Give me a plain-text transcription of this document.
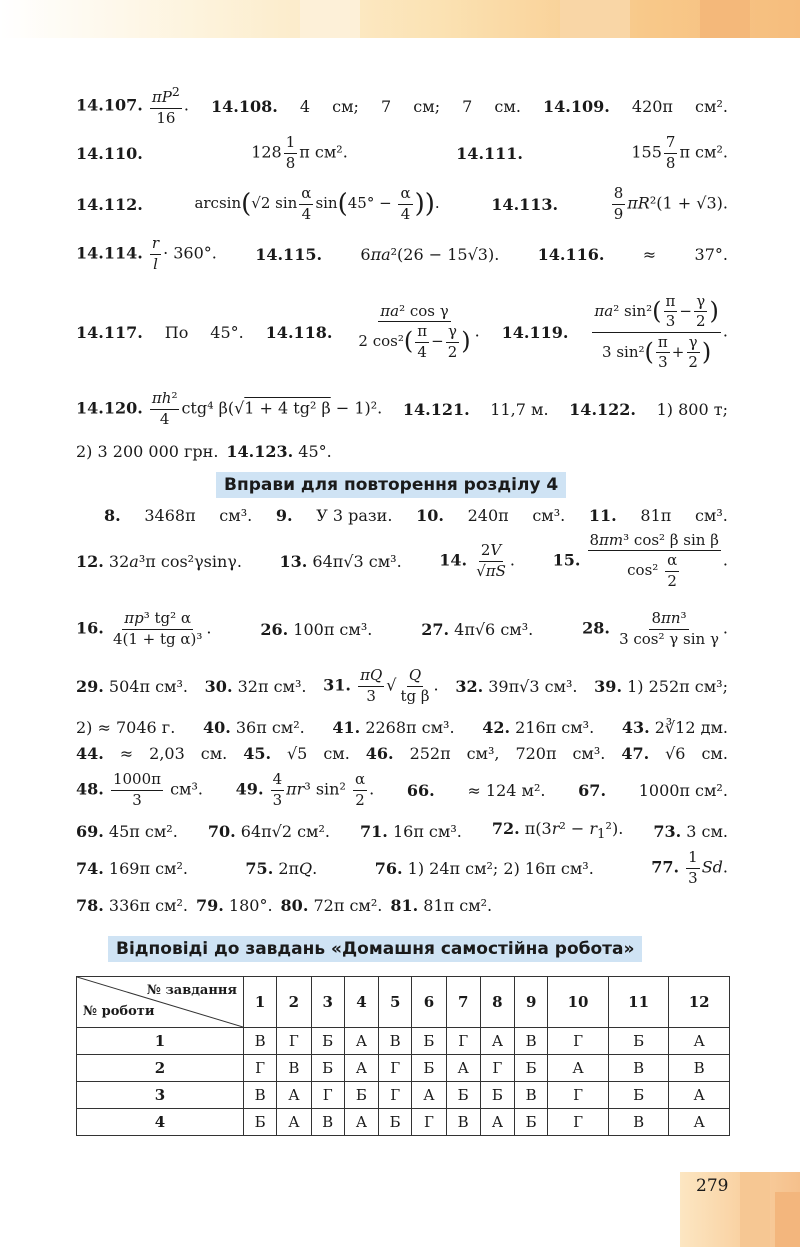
279
14.107. $\frac{\pi P^2}{16}$ . 14.108. 4 см; 7 см; 7 см. 14.109. 420π см².
14.110.	$128 \frac{1}{8}$ π см².	14.111.	$155 \frac{7}{8}$ π см².
14.112.	arcsin(√2 $\sin \frac{\alpha}{4} \sin(45^\circ - \frac{\alpha}{4}$ )).	14.113.	$\frac{8}{9} \pi R^2(1 + √3)$.
14.114. $\frac{r}{l} \cdot 360^\circ$. 14.115. 6πa²(26 − 15√3). 14.116. ≈ 37°.
14.117. По 45°. 14.118. $\frac{\text{πa² cos γ}}{2 \cos^2( \frac{\pi}{4} - \frac{\gamma}{2} )}$ . 14.119. $\frac{\pi a^2 \sin^2( \frac{\pi}{3} - \frac{\gamma}{2} )}{3 \sin^2( \frac{\pi}{3} + \frac{\gamma}{2} )}$ .
14.120. $\frac{\text{πh²}}{4} ctg^4$ β(√1 + 4 tg² β − 1)². 14.121. 11,7 м. 14.122. 1) 800 т;
2) 3 200 000 грн. 14.123. 45°.
Вправи для повторення розділу 4
8. 3468π см³. 9. У 3 рази. 10. 240π см³. 11. 81π см³.
12. 32a³π cos²γsinγ. 13. 64π√3 см³. 14. $\frac{2V}{√\pi S}$ . 15. $\frac{\text{8πm³ cos² β sin β}}{\cos^2 \frac{\alpha}{2}}$ .
16. $\frac{\text{πp³ tg² α}}{\text{4(1 + tg α)³}}$ .	26. 100π см³.	27. 4π√6 см³.	28. $\frac{\text{8πn³}}{\text{3 cos² γ sin γ}}$ .
29. 504π см³. 30. 32π см³. 31. $\frac{\pi Q}{3}$ √ $\frac{Q}{\text{tg β}}$ . 32. 39π√3 см³. 39. 1) 252π см³;
2) ≈ 7046 г. 40. 36π см². 41. 2268π см³. 42. 216π см³. 43. 2∛12 дм.
44. ≈ 2,03 см. 45. √5 см. 46. 252π см³, 720π см³. 47. √6 см.
48. $\frac{1000\pi}{3} см^3$. 49. $\frac{4}{3} \pi r^3$ $\sin^2 \frac{\alpha}{2}$ . 66. ≈ 124 м². 67. 1000π см².
69. 45π см². 70. 64π√2 см². 71. 16π см³. 72. $\pi(3r^2 - r_1^2)$. 73. 3 см.
74. 169π см².	75. 2πQ.	76. 1) 24π см²; 2) 16π см³.	77. $\frac{1}{3} Sd$.
78. 336π см². 79. 180°. 80. 72π см². 81. 81π см².
Відповіді до завдань «Домашня самостійна робота»
№ завдання
№ роботи	1	2	3	4	5	6	7	8	9	10	11	12
1	В	Г	Б	А	В	Б	Г	А	В	Г	Б	А
2	Г	В	Б	А	Г	Б	А	Г	Б	А	В	В
3	В	А	Г	Б	Г	А	Б	Б	В	Г	Б	А
4	Б	А	В	А	Б	Г	В	А	Б	Г	В	А
